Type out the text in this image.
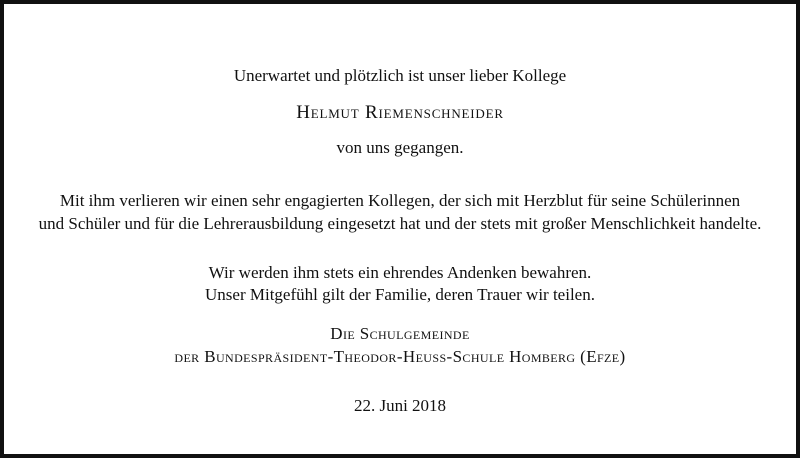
Unerwartet und plötzlich ist unser lieber Kollege
Helmut Riemenschneider
von uns gegangen.
Mit ihm verlieren wir einen sehr engagierten Kollegen, der sich mit Herzblut für seine Schülerinnen
und Schüler und für die Lehrerausbildung eingesetzt hat und der stets mit großer Menschlichkeit handelte.
Wir werden ihm stets ein ehrendes Andenken bewahren.
Unser Mitgefühl gilt der Familie, deren Trauer wir teilen.
Die Schulgemeinde
der Bundespräsident-Theodor-Heuss-Schule Homberg (Efze)
22. Juni 2018
